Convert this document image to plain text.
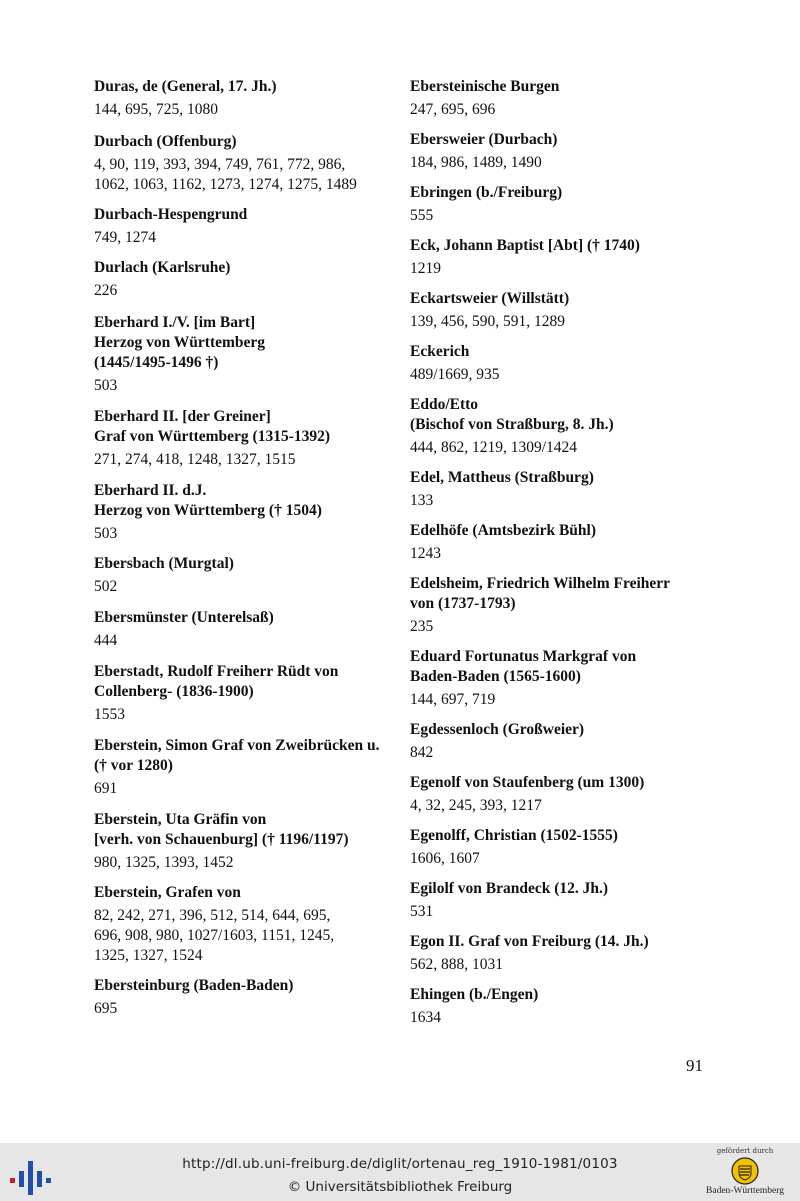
Duras, de (General, 17. Jh.)
144, 695, 725, 1080
Durbach (Offenburg)
4, 90, 119, 393, 394, 749, 761, 772, 986,
1062, 1063, 1162, 1273, 1274, 1275, 1489
Durbach-Hespengrund
749, 1274
Durlach (Karlsruhe)
226
Eberhard I./V. [im Bart]
Herzog von Württemberg
(1445/1495-1496 †)
503
Eberhard II. [der Greiner]
Graf von Württemberg (1315-1392)
271, 274, 418, 1248, 1327, 1515
Eberhard II. d.J.
Herzog von Württemberg († 1504)
503
Ebersbach (Murgtal)
502
Ebersmünster (Unterelsaß)
444
Eberstadt, Rudolf Freiherr Rüdt von
Collenberg- (1836-1900)
1553
Eberstein, Simon Graf von Zweibrücken u.
(† vor 1280)
691
Eberstein, Uta Gräfin von
[verh. von Schauenburg] († 1196/1197)
980, 1325, 1393, 1452
Eberstein, Grafen von
82, 242, 271, 396, 512, 514, 644, 695,
696, 908, 980, 1027/1603, 1151, 1245,
1325, 1327, 1524
Ebersteinburg (Baden-Baden)
695
Ebersteinische Burgen
247, 695, 696
Ebersweier (Durbach)
184, 986, 1489, 1490
Ebringen (b./Freiburg)
555
Eck, Johann Baptist [Abt] († 1740)
1219
Eckartsweier (Willstätt)
139, 456, 590, 591, 1289
Eckerich
489/1669, 935
Eddo/Etto
(Bischof von Straßburg, 8. Jh.)
444, 862, 1219, 1309/1424
Edel, Mattheus (Straßburg)
133
Edelhöfe (Amtsbezirk Bühl)
1243
Edelsheim, Friedrich Wilhelm Freiherr
von (1737-1793)
235
Eduard Fortunatus Markgraf von
Baden-Baden (1565-1600)
144, 697, 719
Egdessenloch (Großweier)
842
Egenolf von Staufenberg (um 1300)
4, 32, 245, 393, 1217
Egenolff, Christian (1502-1555)
1606, 1607
Egilolf von Brandeck (12. Jh.)
531
Egon II. Graf von Freiburg (14. Jh.)
562, 888, 1031
Ehingen (b./Engen)
1634
91
http://dl.ub.uni-freiburg.de/diglit/ortenau_reg_1910-1981/0103
© Universitätsbibliothek Freiburg
gefördert durch
Baden-Württemberg
